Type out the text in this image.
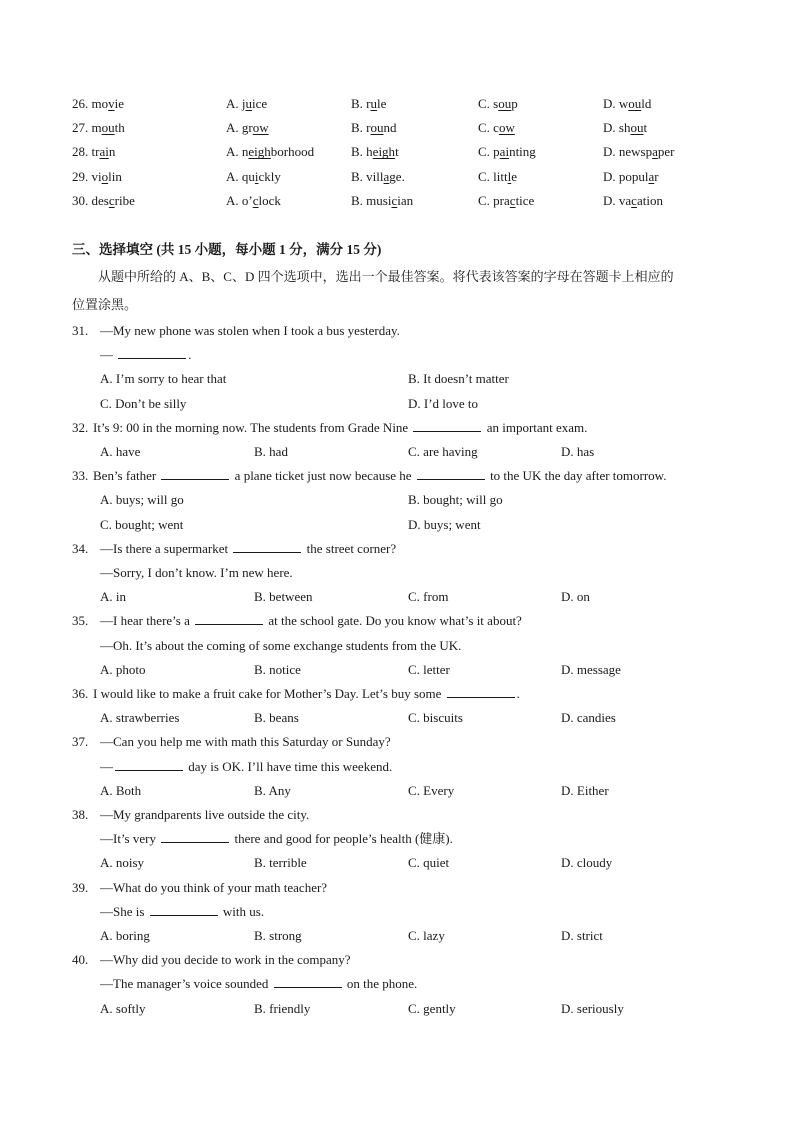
26. movie	A. juice	B. rule	C. soup	D. would
27. mouth	A. grow	B. round	C. cow	D. shout
28. train	A. neighborhood	B. height	C. painting	D. newspaper
29. violin	A. quickly	B. village.	C. little	D. popular
30. describe	A. o’clock	B. musician	C. practice	D. vacation
三、选择填空 (共 15 小题，每小题 1 分，满分 15 分)
从题中所给的 A、B、C、D 四个选项中，选出一个最佳答案。将代表该答案的字母在答题卡上相应的
位置涂黑。
31. —My new phone was stolen when I took a bus yesterday.
—	.
A. I’m sorry to hear that	B. It doesn’t matter
C. Don’t be silly	D. I’d love to
32. It’s 9: 00 in the morning now. The students from Grade Nine	an important exam.
A. have	B. had	C. are having	D. has
33. Ben’s father	a plane ticket just now because he	to the UK the day after tomorrow.
A. buys; will go	B. bought; will go
C. bought; went	D. buys; went
34. —Is there a supermarket	the street corner?
—Sorry, I don’t know. I’m new here.
A. in	B. between	C. from	D. on
35. —I hear there’s a	at the school gate. Do you know what’s it about?
—Oh. It’s about the coming of some exchange students from the UK.
A. photo	B. notice	C. letter	D. message
36. I would like to make a fruit cake for Mother’s Day. Let’s buy some	.
A. strawberries	B. beans	C. biscuits	D. candies
37. —Can you help me with math this Saturday or Sunday?
—	day is OK. I’ll have time this weekend.
A. Both	B. Any	C. Every	D. Either
38. —My grandparents live outside the city.
—It’s very	there and good for people’s health (健康).
A. noisy	B. terrible	C. quiet	D. cloudy
39. —What do you think of your math teacher?
—She is	with us.
A. boring	B. strong	C. lazy	D. strict
40. —Why did you decide to work in the company?
—The manager’s voice sounded	on the phone.
A. softly	B. friendly	C. gently	D. seriously
